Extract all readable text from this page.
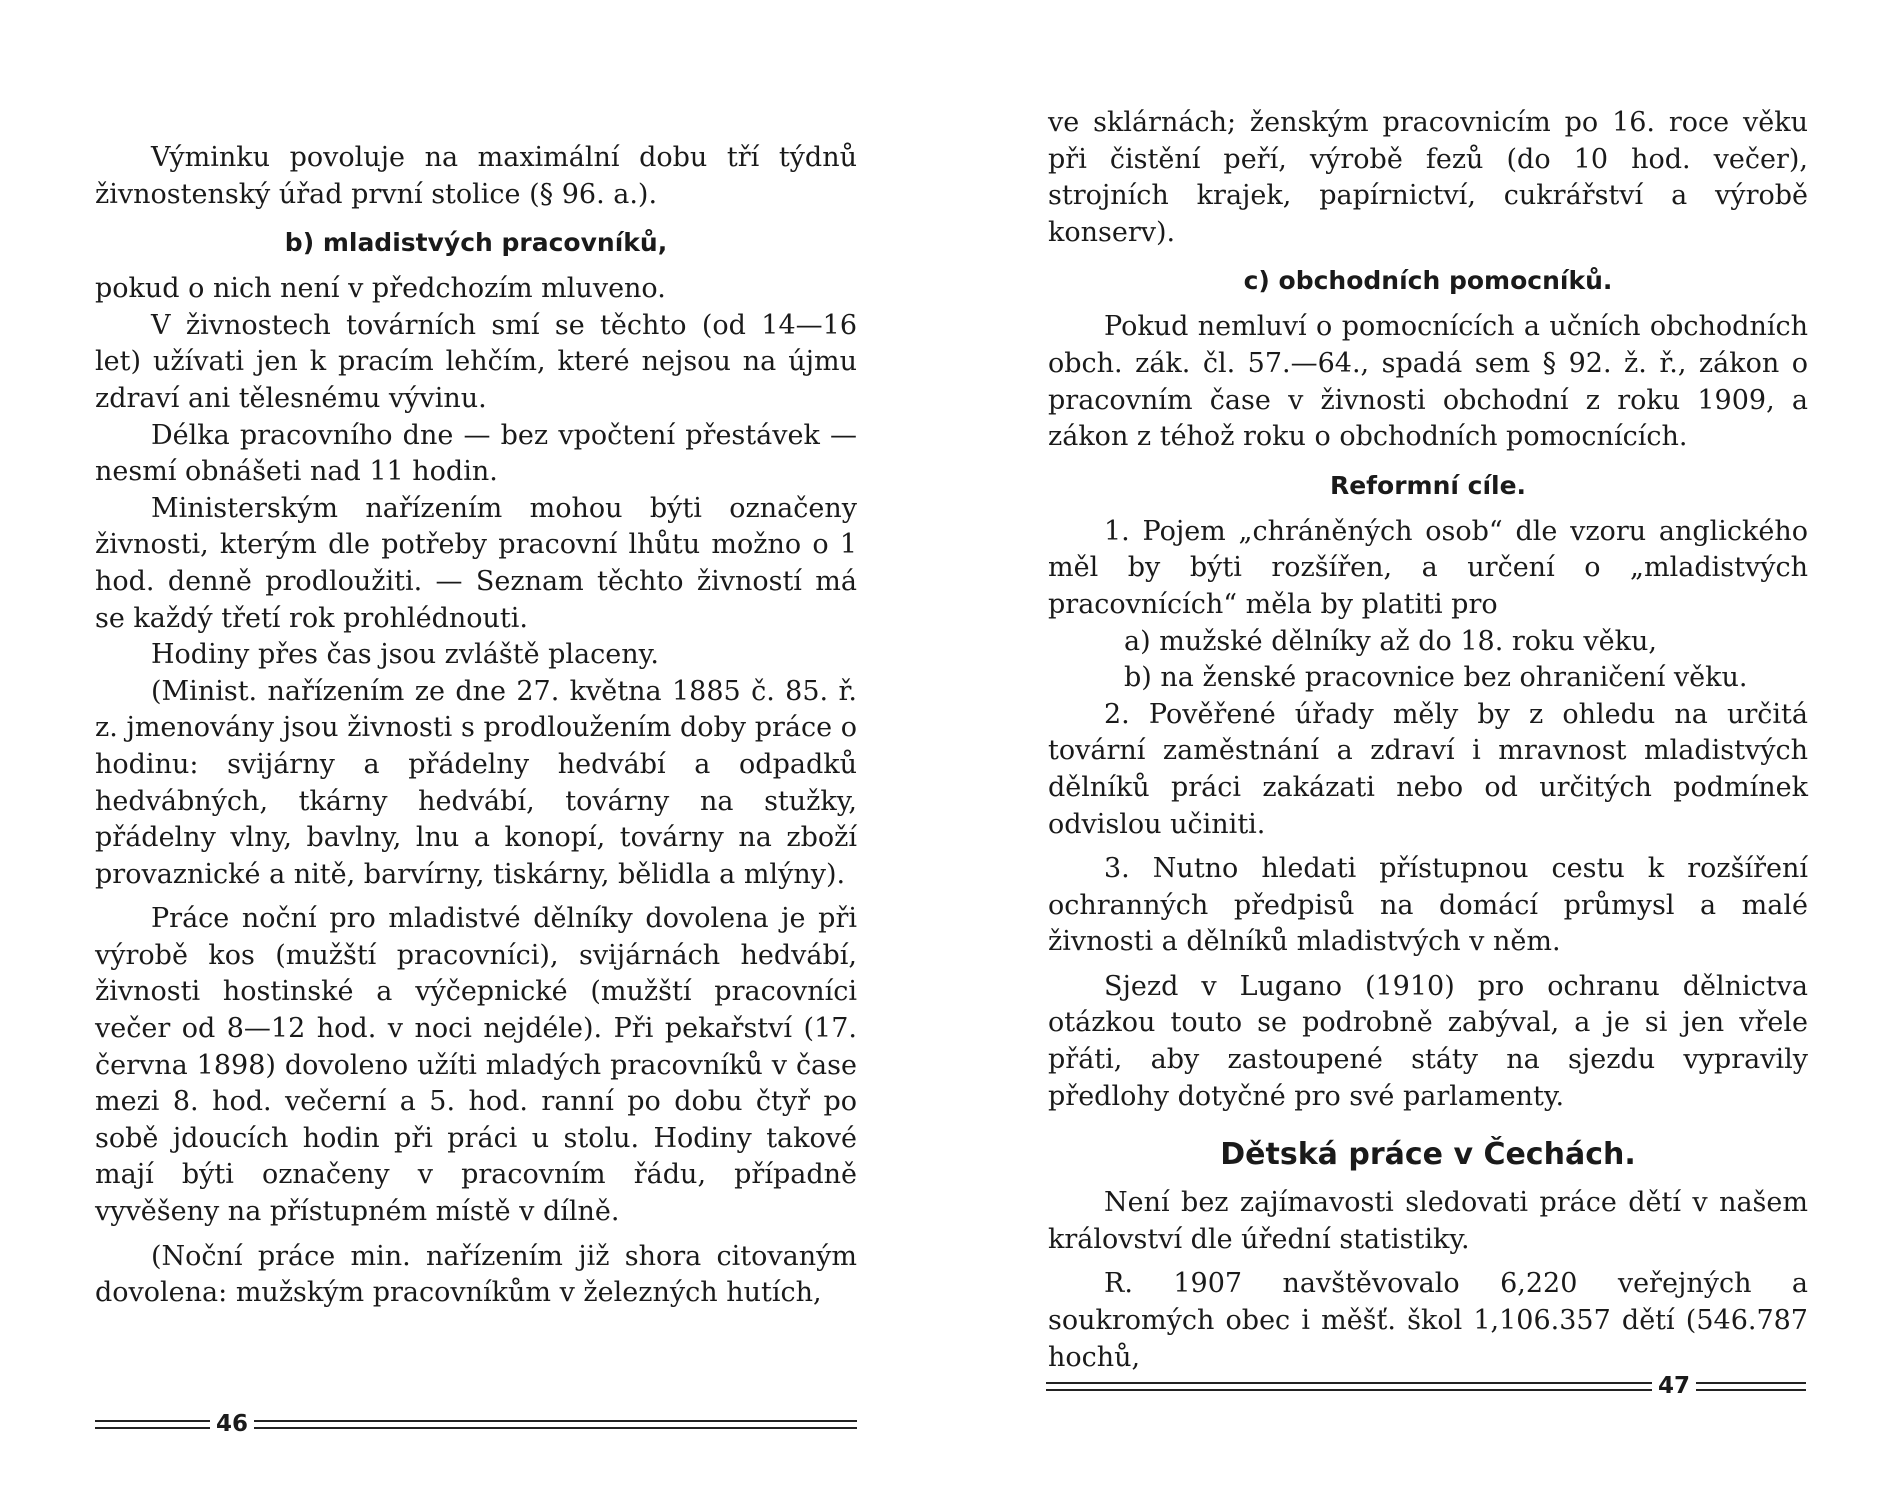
Výminku povoluje na maximální dobu tří týdnů živnostenský úřad první stolice (§ 96. a.).

b) mladistvých pracovníků,

pokud o nich není v předchozím mluveno.

V živnostech továrních smí se těchto (od 14—16 let) užívati jen k pracím lehčím, které nejsou na újmu zdraví ani tělesnému vývinu.

Délka pracovního dne — bez vpočtení přestávek — nesmí obnášeti nad 11 hodin.

Ministerským nařízením mohou býti označeny živnosti, kterým dle potřeby pracovní lhůtu možno o 1 hod. denně prodloužiti. — Seznam těchto živností má se každý třetí rok prohlédnouti.

Hodiny přes čas jsou zvláště placeny.

(Minist. nařízením ze dne 27. května 1885 č. 85. ř. z. jmenovány jsou živnosti s prodloužením doby práce o hodinu: svijárny a přádelny hedvábí a odpadků hedvábných, tkárny hedvábí, továrny na stužky, přádelny vlny, bavlny, lnu a konopí, továrny na zboží provaznické a nitě, barvírny, tiskárny, bělidla a mlýny).

Práce noční pro mladistvé dělníky dovolena je při výrobě kos (mužští pracovníci), svijárnách hedvábí, živnosti hostinské a výčepnické (mužští pracovníci večer od 8—12 hod. v noci nejdéle). Při pekařství (17. června 1898) dovoleno užíti mladých pracovníků v čase mezi 8. hod. večerní a 5. hod. ranní po dobu čtyř po sobě jdoucích hodin při práci u stolu. Hodiny takové mají býti označeny v pracovním řádu, případně vyvěšeny na přístupném místě v dílně.

(Noční práce min. nařízením již shora citovaným dovolena: mužským pracovníkům v železných hutích,

46

ve sklárnách; ženským pracovnicím po 16. roce věku při čistění peří, výrobě fezů (do 10 hod. večer), strojních krajek, papírnictví, cukrářství a výrobě konserv).

c) obchodních pomocníků.

Pokud nemluví o pomocnících a učních obchodních obch. zák. čl. 57.—64., spadá sem § 92. ž. ř., zákon o pracovním čase v živnosti obchodní z roku 1909, a zákon z téhož roku o obchodních pomocnících.

Reformní cíle.

1. Pojem „chráněných osob“ dle vzoru anglického měl by býti rozšířen, a určení o „mladistvých pracovnících“ měla by platiti pro

a) mužské dělníky až do 18. roku věku,

b) na ženské pracovnice bez ohraničení věku.

2. Pověřené úřady měly by z ohledu na určitá tovární zaměstnání a zdraví i mravnost mladistvých dělníků práci zakázati nebo od určitých podmínek odvislou učiniti.

3. Nutno hledati přístupnou cestu k rozšíření ochranných předpisů na domácí průmysl a malé živnosti a dělníků mladistvých v něm.

Sjezd v Lugano (1910) pro ochranu dělnictva otázkou touto se podrobně zabýval, a je si jen vřele přáti, aby zastoupené státy na sjezdu vypravily předlohy dotyčné pro své parlamenty.

Dětská práce v Čechách.

Není bez zajímavosti sledovati práce dětí v našem království dle úřední statistiky.

R. 1907 navštěvovalo 6,220 veřejných a soukromých obec i měšť. škol 1,106.357 dětí (546.787 hochů,

47
